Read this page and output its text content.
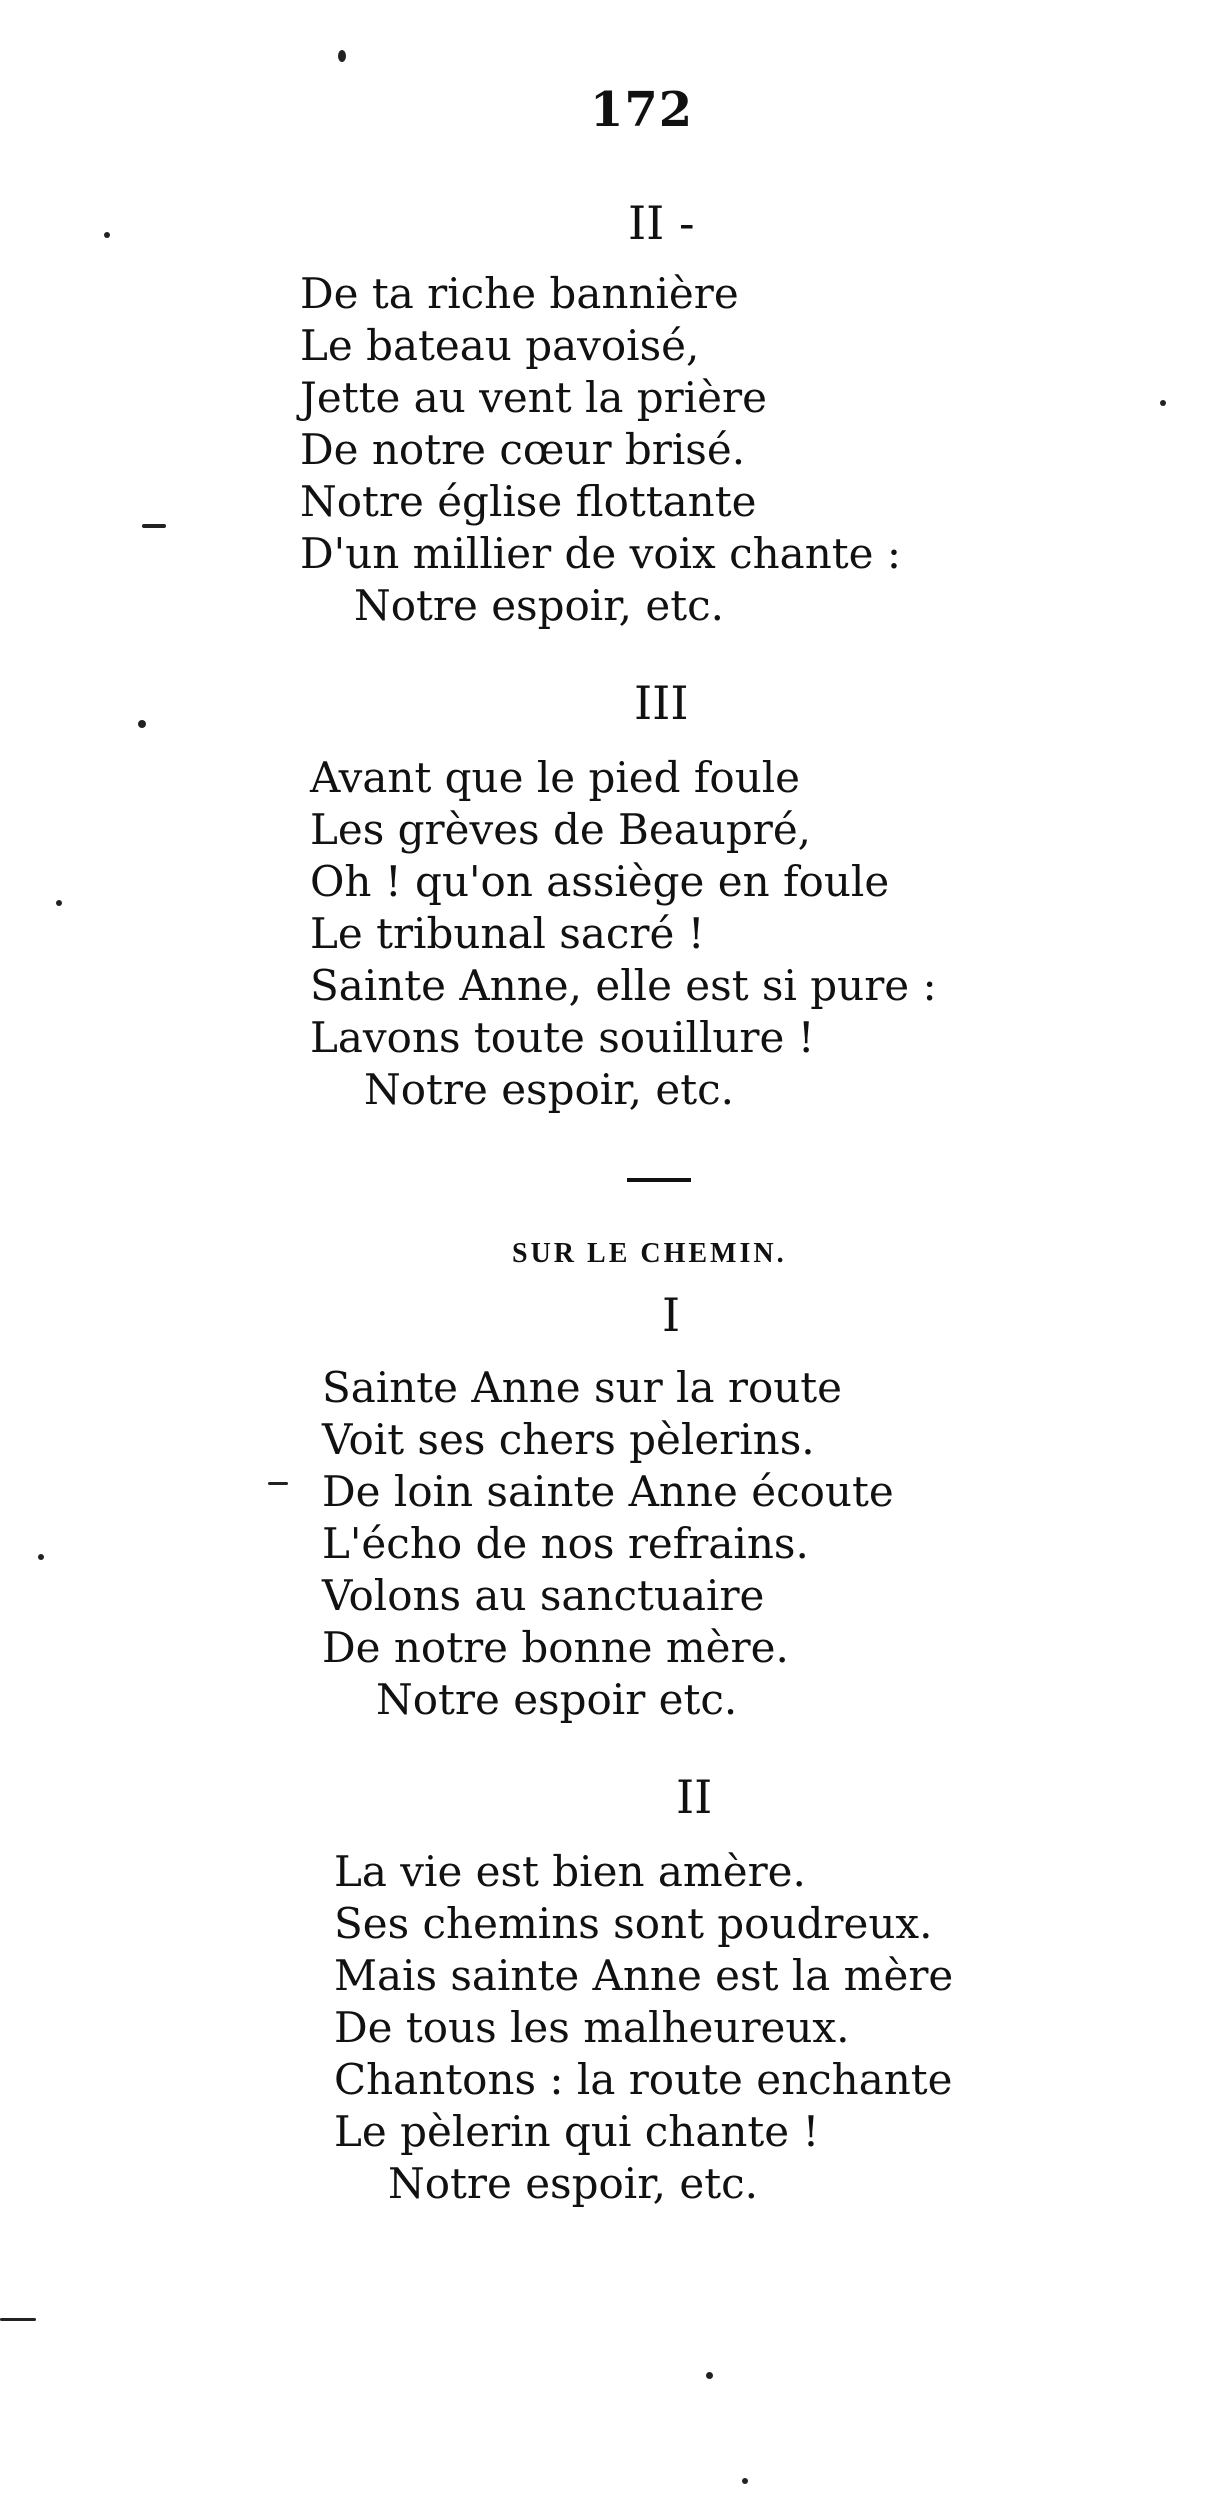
172
II -
De ta riche bannière
Le bateau pavoisé,
Jette au vent la prière
De notre cœur brisé.
Notre église flottante
D'un millier de voix chante :
Notre espoir, etc.
III
Avant que le pied foule
Les grèves de Beaupré,
Oh ! qu'on assiège en foule
Le tribunal sacré !
Sainte Anne, elle est si pure :
Lavons toute souillure !
Notre espoir, etc.
SUR LE CHEMIN.
I
Sainte Anne sur la route
Voit ses chers pèlerins.
De loin sainte Anne écoute
L'écho de nos refrains.
Volons au sanctuaire
De notre bonne mère.
Notre espoir etc.
II
La vie est bien amère.
Ses chemins sont poudreux.
Mais sainte Anne est la mère
De tous les malheureux.
Chantons : la route enchante
Le pèlerin qui chante !
Notre espoir, etc.
